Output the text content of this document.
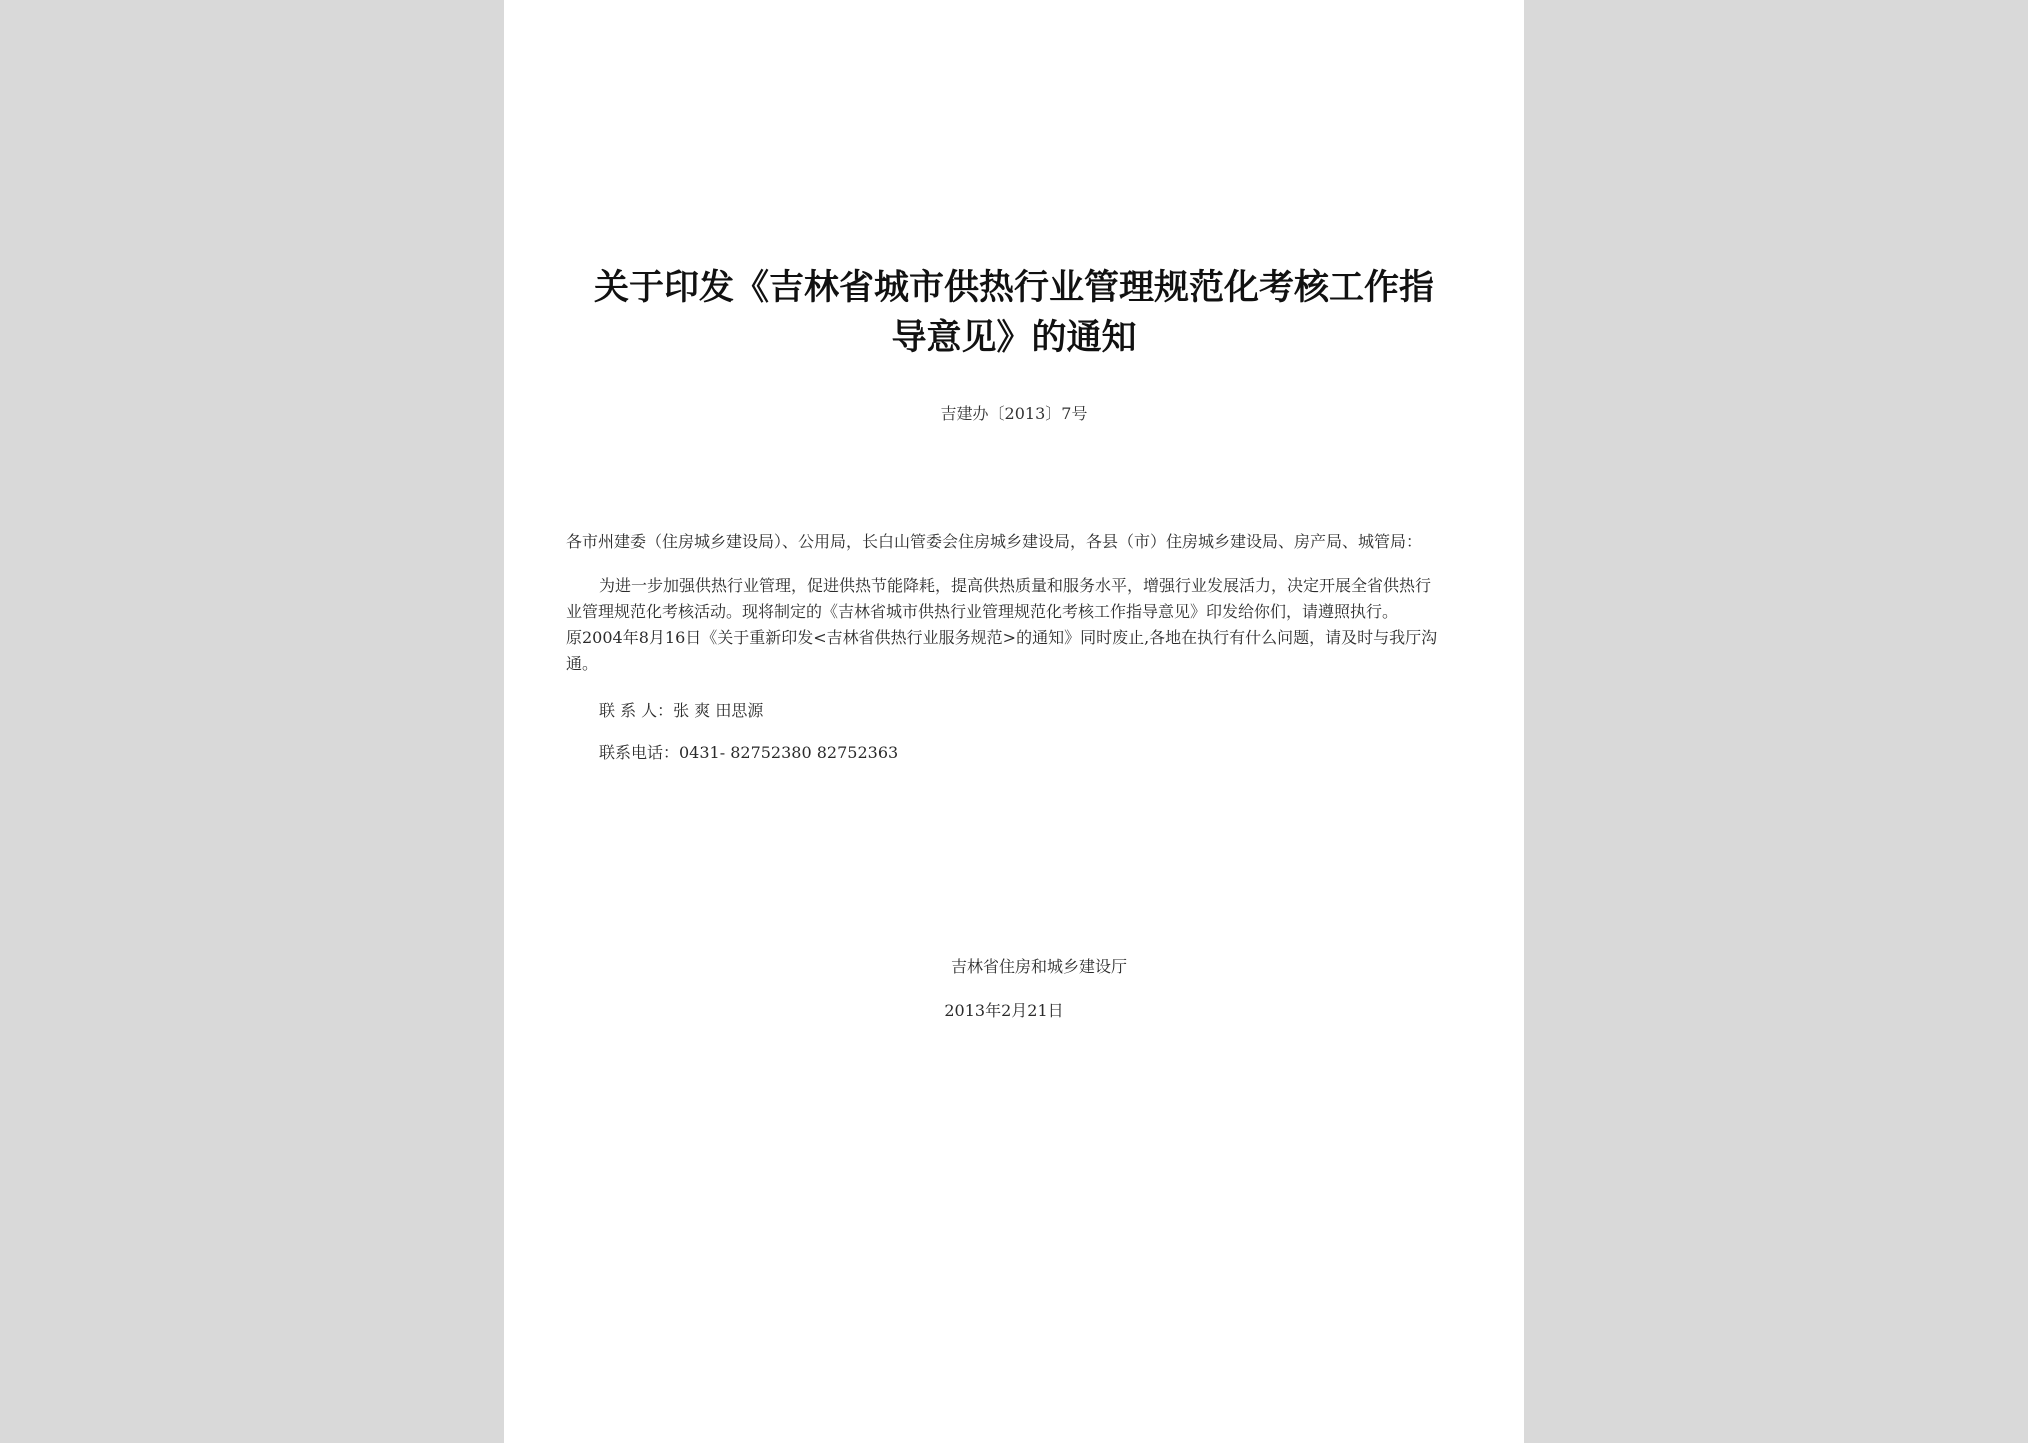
关于印发《吉林省城市供热行业管理规范化考核工作指
导意见》的通知
吉建办〔2013〕7号
各市州建委（住房城乡建设局）、公用局，长白山管委会住房城乡建设局，各县（市）住房城乡建设局、房产局、城管局：
为进一步加强供热行业管理，促进供热节能降耗，提高供热质量和服务水平，增强行业发展活力，决定开展全省供热行
业管理规范化考核活动。现将制定的《吉林省城市供热行业管理规范化考核工作指导意见》印发给你们，请遵照执行。
原2004年8月16日《关于重新印发<吉林省供热行业服务规范>的通知》同时废止,各地在执行有什么问题，请及时与我厅沟
通。
联 系 人：张 爽 田思源
联系电话：0431- 82752380 82752363
吉林省住房和城乡建设厅
2013年2月21日
